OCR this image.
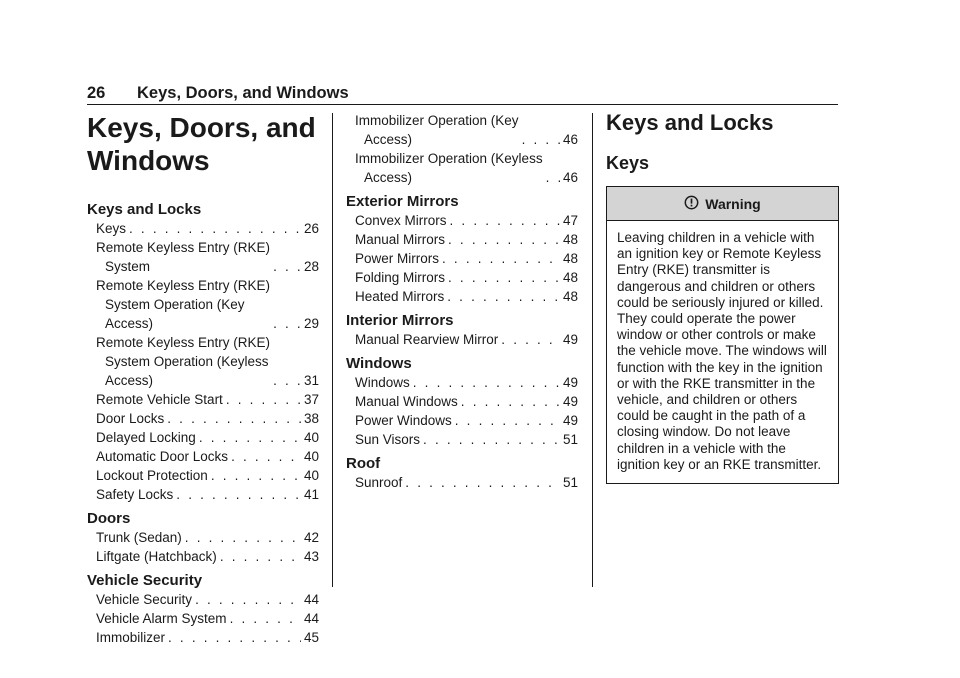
26 Keys, Doors, and Windows
Keys, Doors, and
Windows
Keys and Locks
Keys . . .	26
Remote Keyless Entry (RKE)
System . . .	28
Remote Keyless Entry (RKE)
System Operation (Key
Access) . . .	29
Remote Keyless Entry (RKE)
System Operation (Keyless
Access) . . .	31
Remote Vehicle Start . . .	37
Door Locks . . .	38
Delayed Locking . . .	40
Automatic Door Locks . . .	40
Lockout Protection . . .	40
Safety Locks . . .	41
Doors
Trunk (Sedan) . . .	42
Liftgate (Hatchback) . . .	43
Vehicle Security
Vehicle Security . . .	44
Vehicle Alarm System . . .	44
Immobilizer . . .	45
Immobilizer Operation (Key
Access) . . .	46
Immobilizer Operation (Keyless
Access) . . .	46
Exterior Mirrors
Convex Mirrors . . .	47
Manual Mirrors . . .	48
Power Mirrors . . .	48
Folding Mirrors . . .	48
Heated Mirrors . . .	48
Interior Mirrors
Manual Rearview Mirror . . .	49
Windows
Windows . . .	49
Manual Windows . . .	49
Power Windows . . .	49
Sun Visors . . .	51
Roof
Sunroof . . .	51
Keys and Locks
Keys
Warning
Leaving children in a vehicle with an ignition key or Remote Keyless Entry (RKE) transmitter is dangerous and children or others could be seriously injured or killed. They could operate the power window or other controls or make the vehicle move. The windows will function with the key in the ignition or with the RKE transmitter in the vehicle, and children or others could be caught in the path of a closing window. Do not leave children in a vehicle with the ignition key or an RKE transmitter.
